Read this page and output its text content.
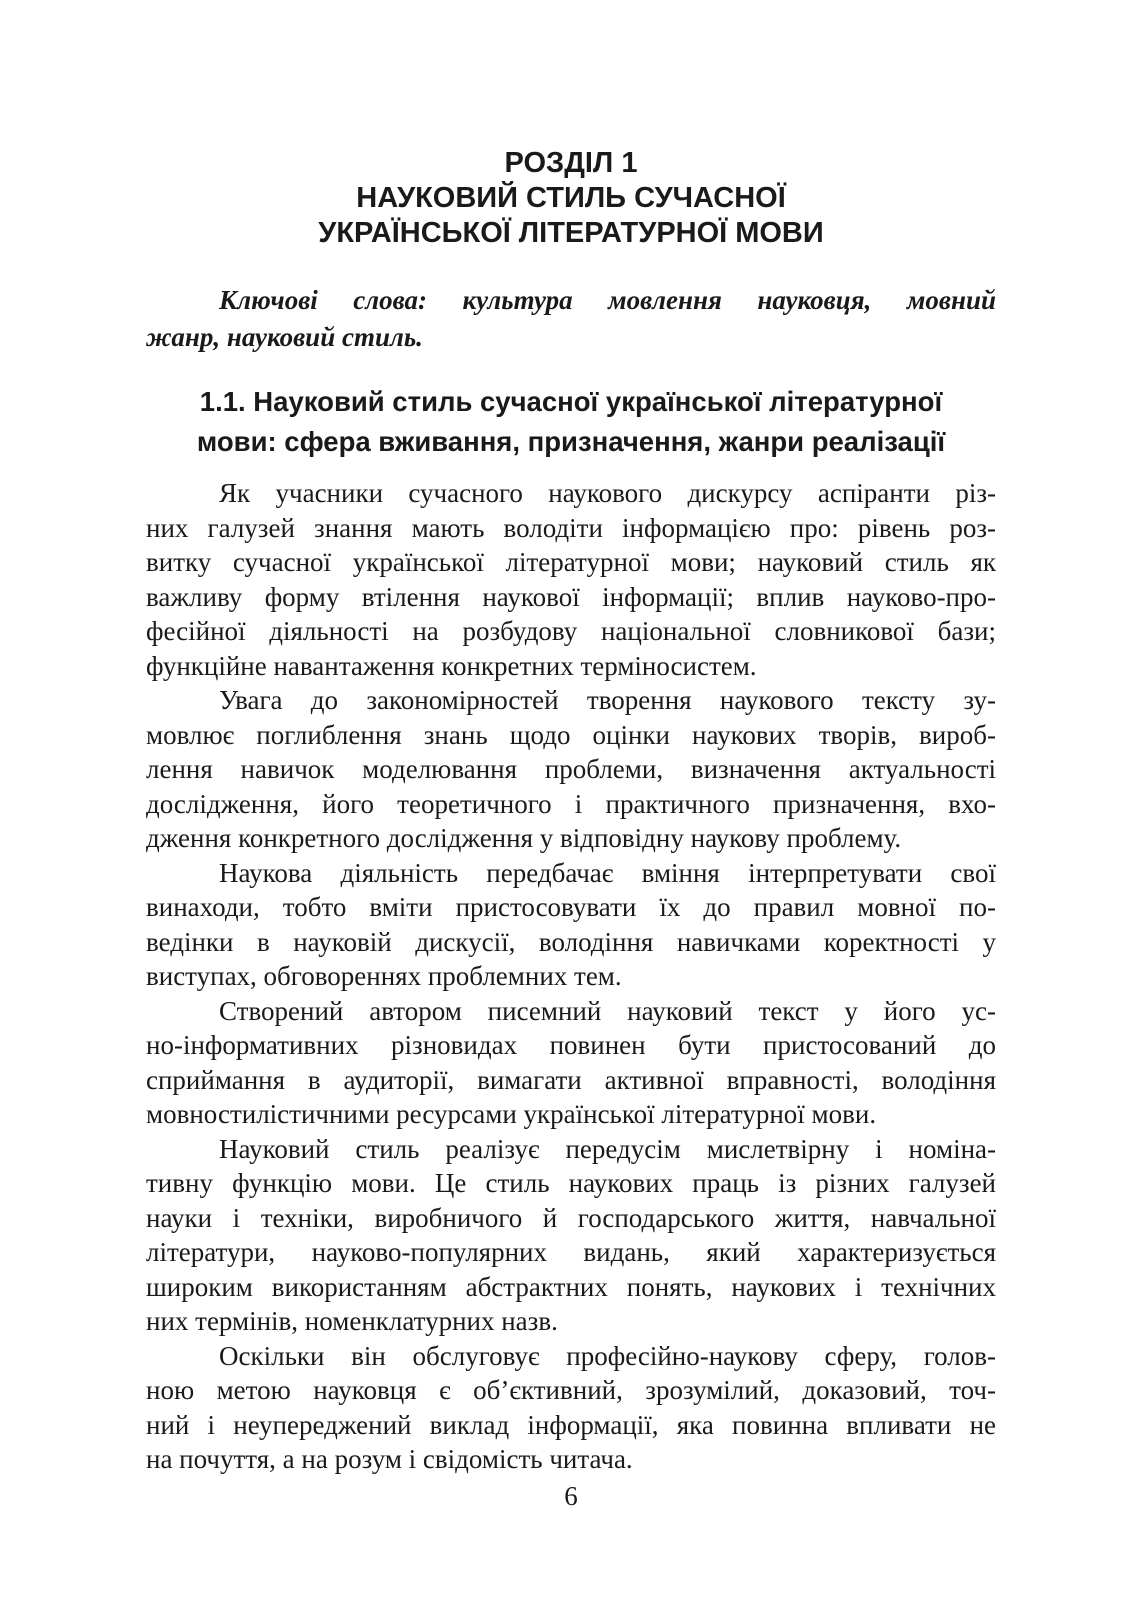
РОЗДІЛ 1
НАУКОВИЙ СТИЛЬ СУЧАСНОЇ
УКРАЇНСЬКОЇ ЛІТЕРАТУРНОЇ МОВИ
Ключові слова: культура мовлення науковця, мовний
жанр, науковий стиль.
1.1. Науковий стиль сучасної української літературної
мови: сфера вживання, призначення, жанри реалізації
Як учасники сучасного наукового дискурсу аспіранти різ-
них галузей знання мають володіти інформацією про: рівень роз-
витку сучасної української літературної мови; науковий стиль як
важливу форму втілення наукової інформації; вплив науково-про-
фесійної діяльності на розбудову національної словникової бази;
функційне навантаження конкретних терміносистем.
Увага до закономірностей творення наукового тексту зу-
мовлює поглиблення знань щодо оцінки наукових творів, вироб-
лення навичок моделювання проблеми, визначення актуальності
дослідження, його теоретичного і практичного призначення, вхо-
дження конкретного дослідження у відповідну наукову проблему.
Наукова діяльність передбачає вміння інтерпретувати свої
винаходи, тобто вміти пристосовувати їх до правил мовної по-
ведінки в науковій дискусії, володіння навичками коректності у
виступах, обговореннях проблемних тем.
Створений автором писемний науковий текст у його ус-
но-інформативних різновидах повинен бути пристосований до
сприймання в аудиторії, вимагати активної вправності, володіння
мовностилістичними ресурсами української літературної мови.
Науковий стиль реалізує передусім мислетвірну і номіна-
тивну функцію мови. Це стиль наукових праць із різних галузей
науки і техніки, виробничого й господарського життя, навчальної
літератури, науково-популярних видань, який характеризується
широким використанням абстрактних понять, наукових і технічних
них термінів, номенклатурних назв.
Оскільки він обслуговує професійно-наукову сферу, голов-
ною метою науковця є об’єктивний, зрозумілий, доказовий, точ-
ний і неупереджений виклад інформації, яка повинна впливати не
на почуття, а на розум і свідомість читача.
6
